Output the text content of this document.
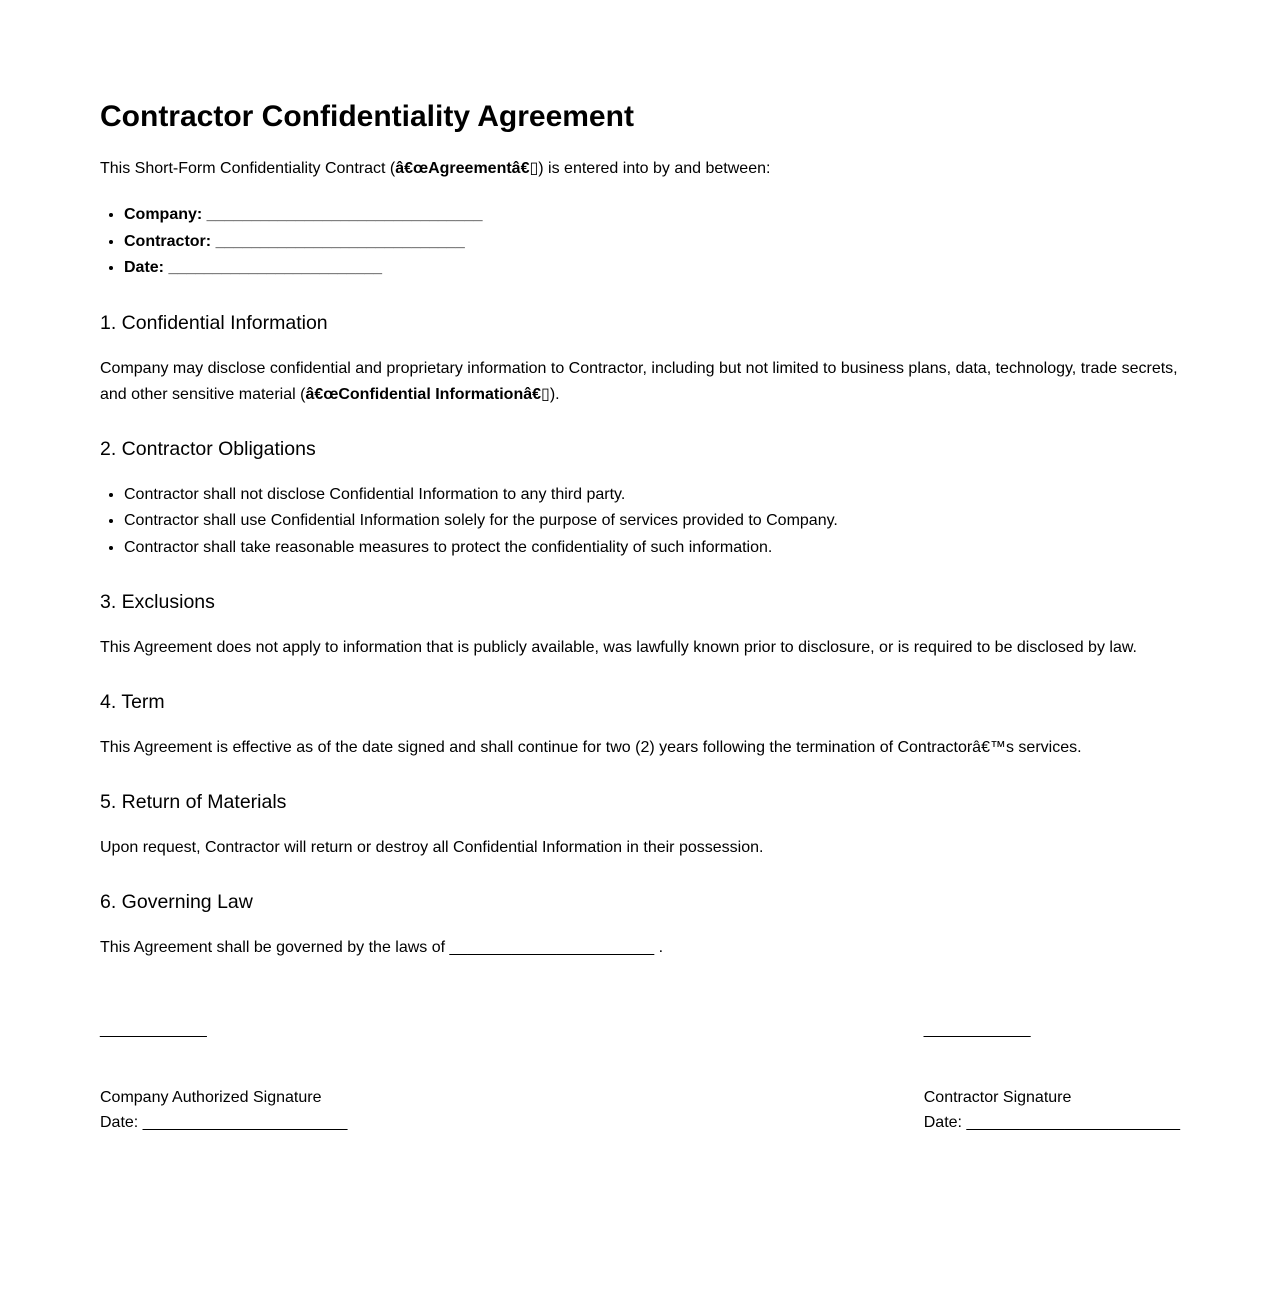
Contractor Confidentiality Agreement

This Short-Form Confidentiality Contract (â€œAgreementâ€▯) is entered into by and between:

• Company: _______________________________
• Contractor: ____________________________
• Date: ________________________
1. Confidential Information

Company may disclose confidential and proprietary information to Contractor, including but not limited to business plans, data, technology, trade secrets, and other sensitive material (â€œConfidential Informationâ€▯).

2. Contractor Obligations
• Contractor shall not disclose Confidential Information to any third party.
• Contractor shall use Confidential Information solely for the purpose of services provided to Company.
• Contractor shall take reasonable measures to protect the confidentiality of such information.
3. Exclusions

This Agreement does not apply to information that is publicly available, was lawfully known prior to disclosure, or is required to be disclosed by law.

4. Term

This Agreement is effective as of the date signed and shall continue for two (2) years following the termination of Contractorâ€™s services.

5. Return of Materials

Upon request, Contractor will return or destroy all Confidential Information in their possession.

6. Governing Law

This Agreement shall be governed by the laws of _______________________ .

____________
Company Authorized Signature
Date: _______________________
____________
Contractor Signature
Date: ________________________
